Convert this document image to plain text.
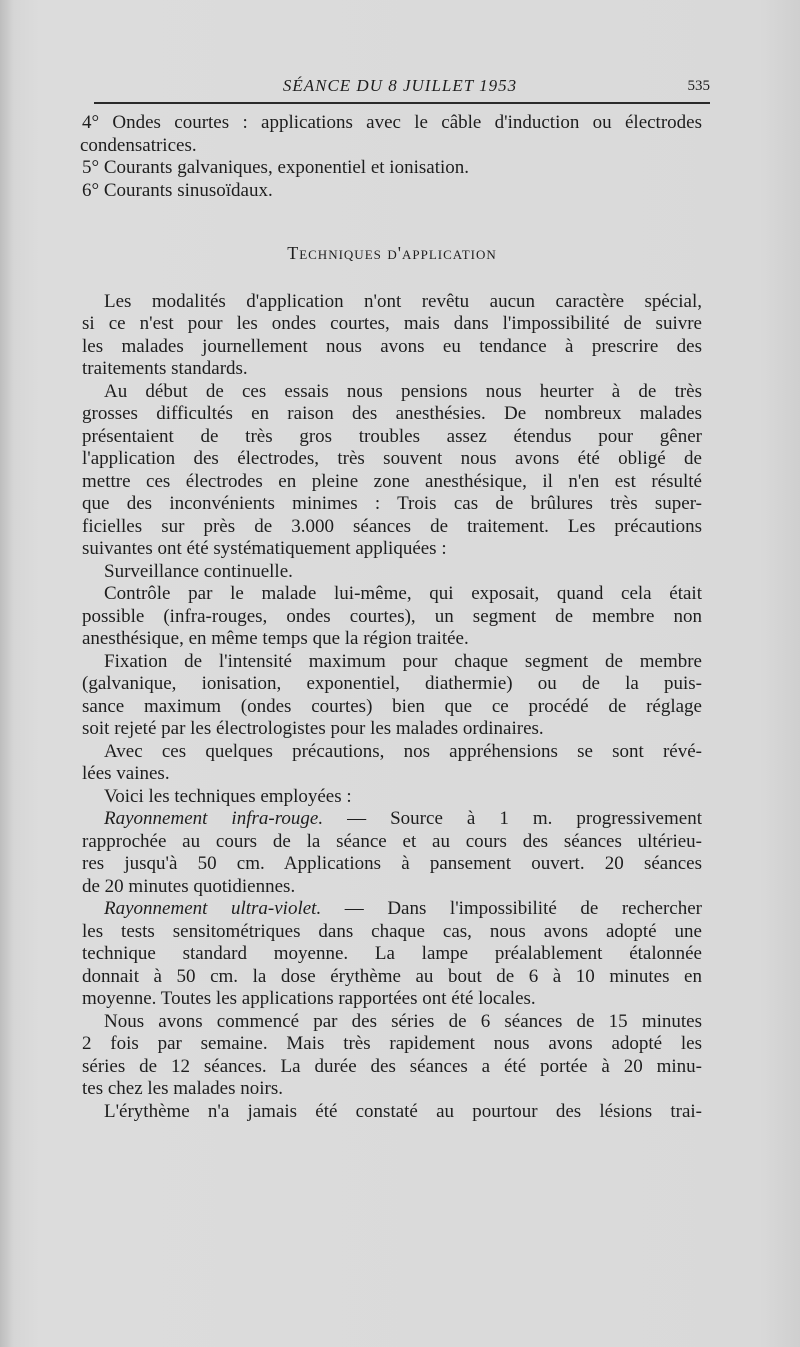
SÉANCE DU 8 JUILLET 1953	535
4° Ondes courtes : applications avec le câble d'induction ou électrodes
condensatrices.
5° Courants galvaniques, exponentiel et ionisation.
6° Courants sinusoïdaux.
Techniques d'application
Les modalités d'application n'ont revêtu aucun caractère spécial,
si ce n'est pour les ondes courtes, mais dans l'impossibilité de suivre
les malades journellement nous avons eu tendance à prescrire des
traitements standards.
Au début de ces essais nous pensions nous heurter à de très
grosses difficultés en raison des anesthésies. De nombreux malades
présentaient de très gros troubles assez étendus pour gêner
l'application des électrodes, très souvent nous avons été obligé de
mettre ces électrodes en pleine zone anesthésique, il n'en est résulté
que des inconvénients minimes : Trois cas de brûlures très super-
ficielles sur près de 3.000 séances de traitement. Les précautions
suivantes ont été systématiquement appliquées :
Surveillance continuelle.
Contrôle par le malade lui-même, qui exposait, quand cela était
possible (infra-rouges, ondes courtes), un segment de membre non
anesthésique, en même temps que la région traitée.
Fixation de l'intensité maximum pour chaque segment de membre
(galvanique, ionisation, exponentiel, diathermie) ou de la puis-
sance maximum (ondes courtes) bien que ce procédé de réglage
soit rejeté par les électrologistes pour les malades ordinaires.
Avec ces quelques précautions, nos appréhensions se sont révé-
lées vaines.
Voici les techniques employées :
Rayonnement infra-rouge. — Source à 1 m. progressivement
rapprochée au cours de la séance et au cours des séances ultérieu-
res jusqu'à 50 cm. Applications à pansement ouvert. 20 séances
de 20 minutes quotidiennes.
Rayonnement ultra-violet. — Dans l'impossibilité de rechercher
les tests sensitométriques dans chaque cas, nous avons adopté une
technique standard moyenne. La lampe préalablement étalonnée
donnait à 50 cm. la dose érythème au bout de 6 à 10 minutes en
moyenne. Toutes les applications rapportées ont été locales.
Nous avons commencé par des séries de 6 séances de 15 minutes
2 fois par semaine. Mais très rapidement nous avons adopté les
séries de 12 séances. La durée des séances a été portée à 20 minu-
tes chez les malades noirs.
L'érythème n'a jamais été constaté au pourtour des lésions trai-
